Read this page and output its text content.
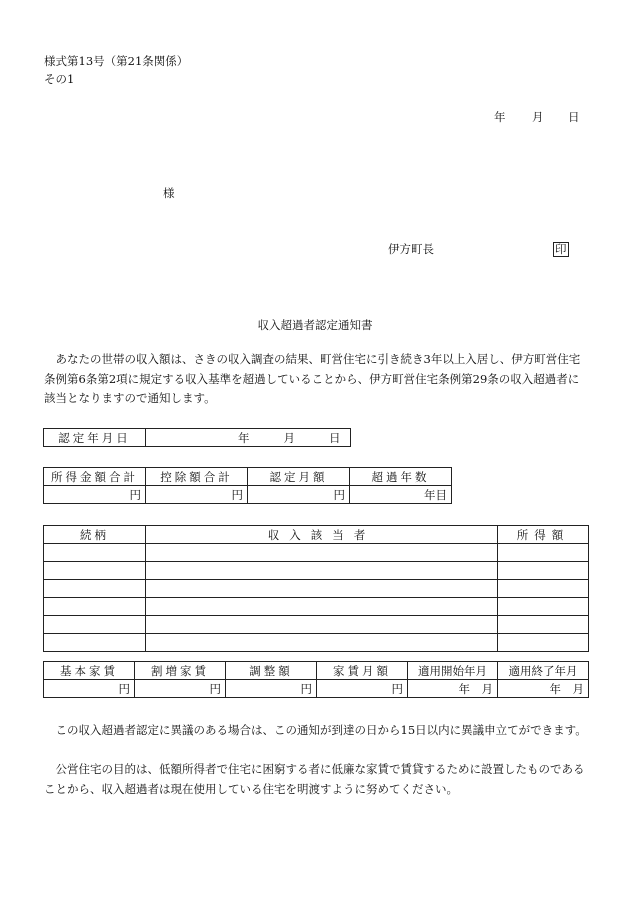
様式第13号（第21条関係）
その1
年 月 日
様
伊方町長	印
収入超過者認定通知書
あなたの世帯の収入額は、さきの収入調査の結果、町営住宅に引き続き3年以上入居し、伊方町営住宅条例第6条第2項に規定する収入基準を超過していることから、伊方町営住宅条例第29条の収入超過者に該当となりますので通知します。
認定年月日	年	月	日
所得金額合計	控除額合計	認定月額	超過年数
円	円	円	年目
続柄	収入該当者	所得額

基本家賃	割増家賃	調整額	家賃月額	適用開始年月	適用終了年月
円	円	円	円	年　月	年　月
この収入超過者認定に異議のある場合は、この通知が到達の日から15日以内に異議申立てができます。
公営住宅の目的は、低額所得者で住宅に困窮する者に低廉な家賃で賃貸するために設置したものであることから、収入超過者は現在使用している住宅を明渡すように努めてください。
